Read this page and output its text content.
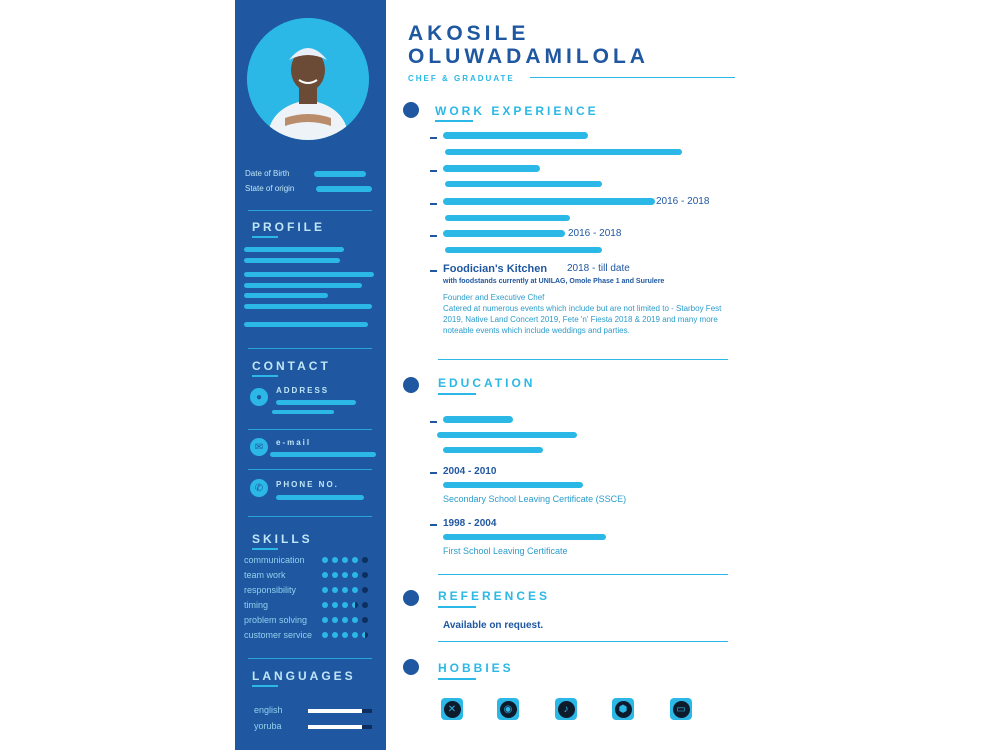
Date of Birth
State of origin
PROFILE
CONTACT
●
ADDRESS
✉	e-mail
✆	PHONE NO.
SKILLS
communication
team work
responsibility
timing
problem solving
customer service
LANGUAGES
english
yoruba
AKOSILE
OLUWADAMILOLA
CHEF & GRADUATE
WORK EXPERIENCE
2016 - 2018
2016 - 2018
Foodician's Kitchen 2018 - till date
with foodstands currently at UNILAG, Omole Phase 1 and Surulere
Founder and Executive Chef
Catered at numerous events which include but are not limited to - Starboy Fest 2019, Native Land Concert 2019, Fete 'n' Fiesta 2018 & 2019 and many more noteable events which include weddings and parties.
EDUCATION
2004 - 2010
Secondary School Leaving Certificate (SSCE)
1998 - 2004
First School Leaving Certificate
REFERENCES
Available on request.
HOBBIES
✕	◉	♪	⬢	▭
